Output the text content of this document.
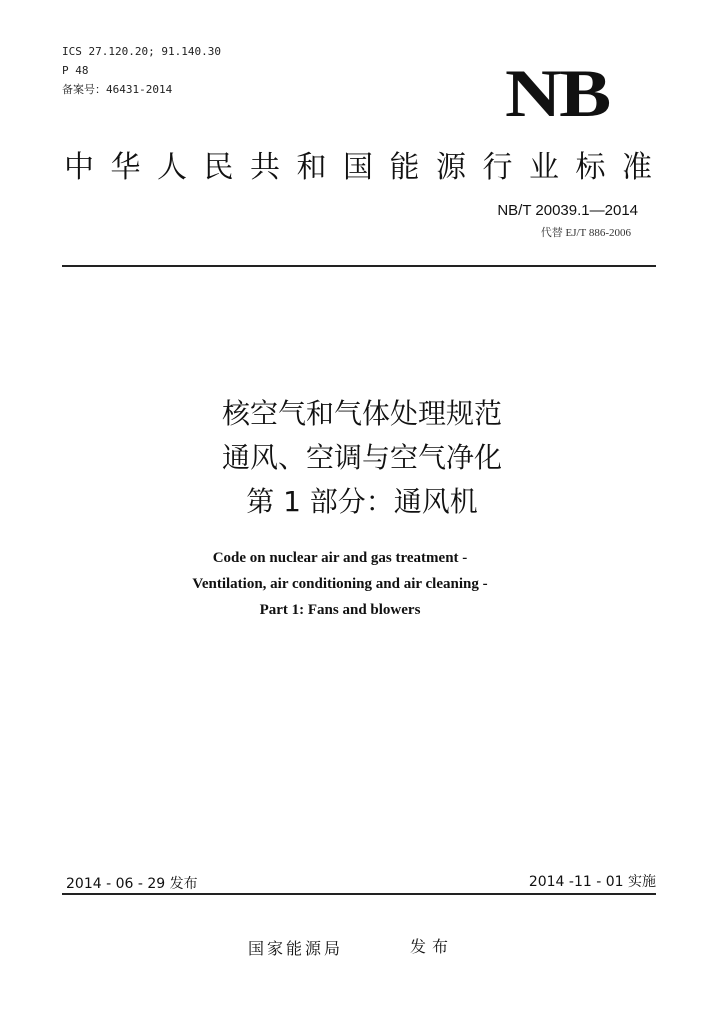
ICS 27.120.20; 91.140.30
P 48
备案号：46431-2014	NB
中华人民共和国能源行业标准
NB/T 20039.1—2014
代替 EJ/T 886-2006
核空气和气体处理规范
通风、空调与空气净化
第 1 部分：通风机
Code on nuclear air and gas treatment -
Ventilation, air conditioning and air cleaning -
Part 1: Fans and blowers
2014 - 06 - 29 发布	2014 -11 - 01 实施
国家能源局	发布
